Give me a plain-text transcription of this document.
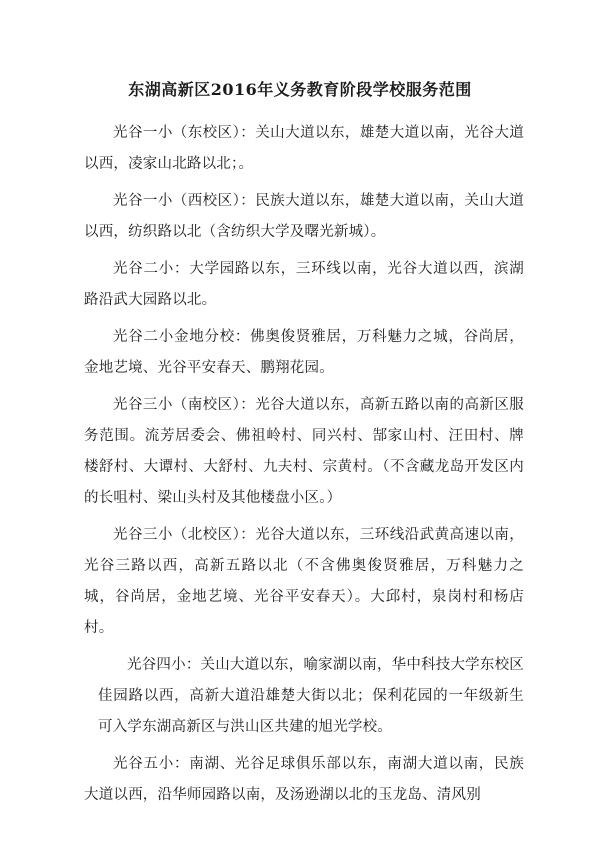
东湖高新区2016年义务教育阶段学校服务范围

光谷一小（东校区）：关山大道以东，雄楚大道以南，光谷大道以西，凌家山北路以北；。

光谷一小（西校区）：民族大道以东，雄楚大道以南，关山大道以西，纺织路以北（含纺织大学及曙光新城）。

光谷二小：大学园路以东，三环线以南，光谷大道以西，滨湖路沿武大园路以北。

光谷二小金地分校：佛奥俊贤雅居，万科魅力之城，谷尚居，金地艺境、光谷平安春天、鹏翔花园。

光谷三小（南校区）：光谷大道以东，高新五路以南的高新区服务范围。流芳居委会、佛祖岭村、同兴村、郜家山村、汪田村、牌楼舒村、大谭村、大舒村、九夫村、宗黄村。（不含藏龙岛开发区内的长咀村、梁山头村及其他楼盘小区。）

光谷三小（北校区）：光谷大道以东，三环线沿武黄高速以南，光谷三路以西，高新五路以北（不含佛奥俊贤雅居，万科魅力之城，谷尚居，金地艺境、光谷平安春天）。大邱村，泉岗村和杨店村。

光谷四小：关山大道以东，喻家湖以南，华中科技大学东校区佳园路以西，高新大道沿雄楚大街以北；保利花园的一年级新生可入学东湖高新区与洪山区共建的旭光学校。

光谷五小：南湖、光谷足球俱乐部以东，南湖大道以南，民族大道以西，沿华师园路以南，及汤逊湖以北的玉龙岛、清风别
